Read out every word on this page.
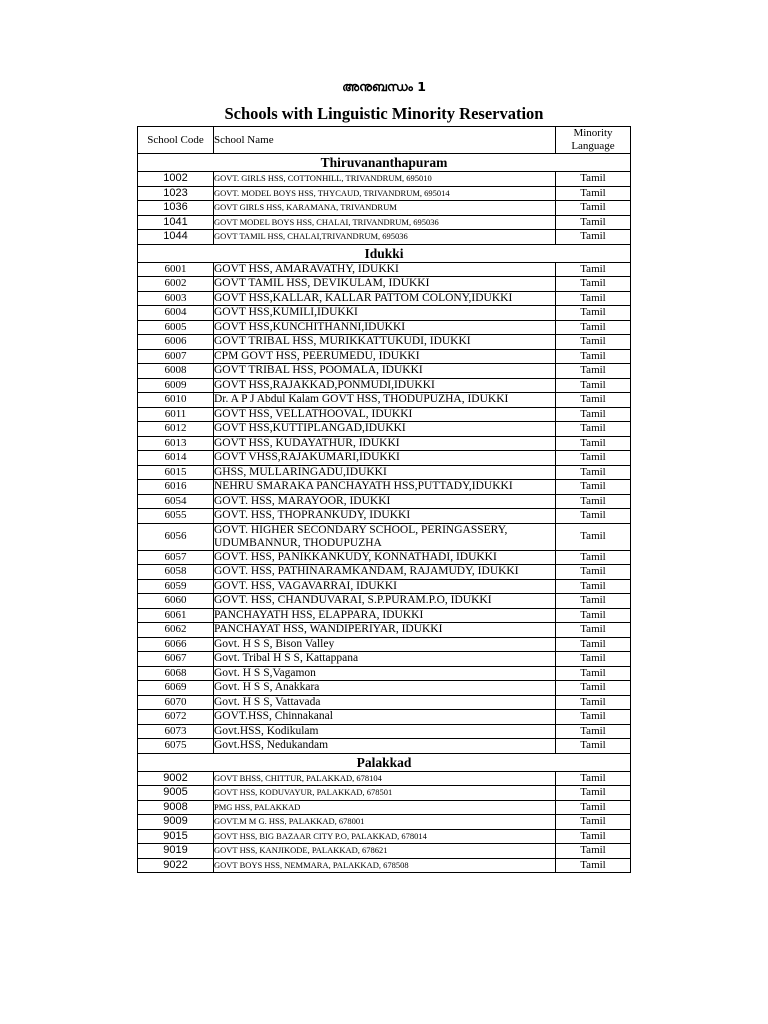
അനുബന്ധം 1
Schools with Linguistic Minority Reservation
School Code	School Name	Minority
Language
Thiruvananthapuram		
1002	GOVT. GIRLS HSS, COTTONHILL, TRIVANDRUM, 695010	Tamil
1023	GOVT. MODEL BOYS HSS, THYCAUD, TRIVANDRUM, 695014	Tamil
1036	GOVT GIRLS HSS, KARAMANA, TRIVANDRUM	Tamil
1041	GOVT MODEL BOYS HSS, CHALAI, TRIVANDRUM, 695036	Tamil
1044	GOVT TAMIL HSS, CHALAI,TRIVANDRUM, 695036	Tamil
Idukki		
6001	GOVT HSS, AMARAVATHY, IDUKKI	Tamil
6002	GOVT TAMIL HSS, DEVIKULAM, IDUKKI	Tamil
6003	GOVT HSS,KALLAR, KALLAR PATTOM COLONY,IDUKKI	Tamil
6004	GOVT HSS,KUMILI,IDUKKI	Tamil
6005	GOVT HSS,KUNCHITHANNI,IDUKKI	Tamil
6006	GOVT TRIBAL HSS, MURIKKATTUKUDI, IDUKKI	Tamil
6007	CPM GOVT HSS, PEERUMEDU, IDUKKI	Tamil
6008	GOVT TRIBAL HSS, POOMALA, IDUKKI	Tamil
6009	GOVT HSS,RAJAKKAD,PONMUDI,IDUKKI	Tamil
6010	Dr. A P J Abdul Kalam GOVT HSS, THODUPUZHA, IDUKKI	Tamil
6011	GOVT HSS, VELLATHOOVAL, IDUKKI	Tamil
6012	GOVT HSS,KUTTIPLANGAD,IDUKKI	Tamil
6013	GOVT HSS, KUDAYATHUR, IDUKKI	Tamil
6014	GOVT VHSS,RAJAKUMARI,IDUKKI	Tamil
6015	GHSS, MULLARINGADU,IDUKKI	Tamil
6016	NEHRU SMARAKA PANCHAYATH HSS,PUTTADY,IDUKKI	Tamil
6054	GOVT. HSS, MARAYOOR, IDUKKI	Tamil
6055	GOVT. HSS, THOPRANKUDY, IDUKKI	Tamil
6056	GOVT. HIGHER SECONDARY SCHOOL, PERINGASSERY, UDUMBANNUR, THODUPUZHA	Tamil
6057	GOVT. HSS, PANIKKANKUDY, KONNATHADI, IDUKKI	Tamil
6058	GOVT. HSS, PATHINARAMKANDAM, RAJAMUDY, IDUKKI	Tamil
6059	GOVT. HSS, VAGAVARRAI, IDUKKI	Tamil
6060	GOVT. HSS, CHANDUVARAI, S.P.PURAM.P.O, IDUKKI	Tamil
6061	PANCHAYATH HSS, ELAPPARA, IDUKKI	Tamil
6062	PANCHAYAT HSS, WANDIPERIYAR, IDUKKI	Tamil
6066	Govt. H S S, Bison Valley	Tamil
6067	Govt. Tribal H S S, Kattappana	Tamil
6068	Govt. H S S,Vagamon	Tamil
6069	Govt. H S S, Anakkara	Tamil
6070	Govt. H S S, Vattavada	Tamil
6072	GOVT.HSS, Chinnakanal	Tamil
6073	Govt.HSS, Kodikulam	Tamil
6075	Govt.HSS, Nedukandam	Tamil
Palakkad		
9002	GOVT BHSS, CHITTUR, PALAKKAD, 678104	Tamil
9005	GOVT HSS, KODUVAYUR, PALAKKAD, 678501	Tamil
9008	PMG HSS, PALAKKAD	Tamil
9009	GOVT.M M G. HSS, PALAKKAD, 678001	Tamil
9015	GOVT HSS, BIG BAZAAR CITY P.O, PALAKKAD, 678014	Tamil
9019	GOVT HSS, KANJIKODE, PALAKKAD, 678621	Tamil
9022	GOVT BOYS HSS, NEMMARA, PALAKKAD, 678508	Tamil
